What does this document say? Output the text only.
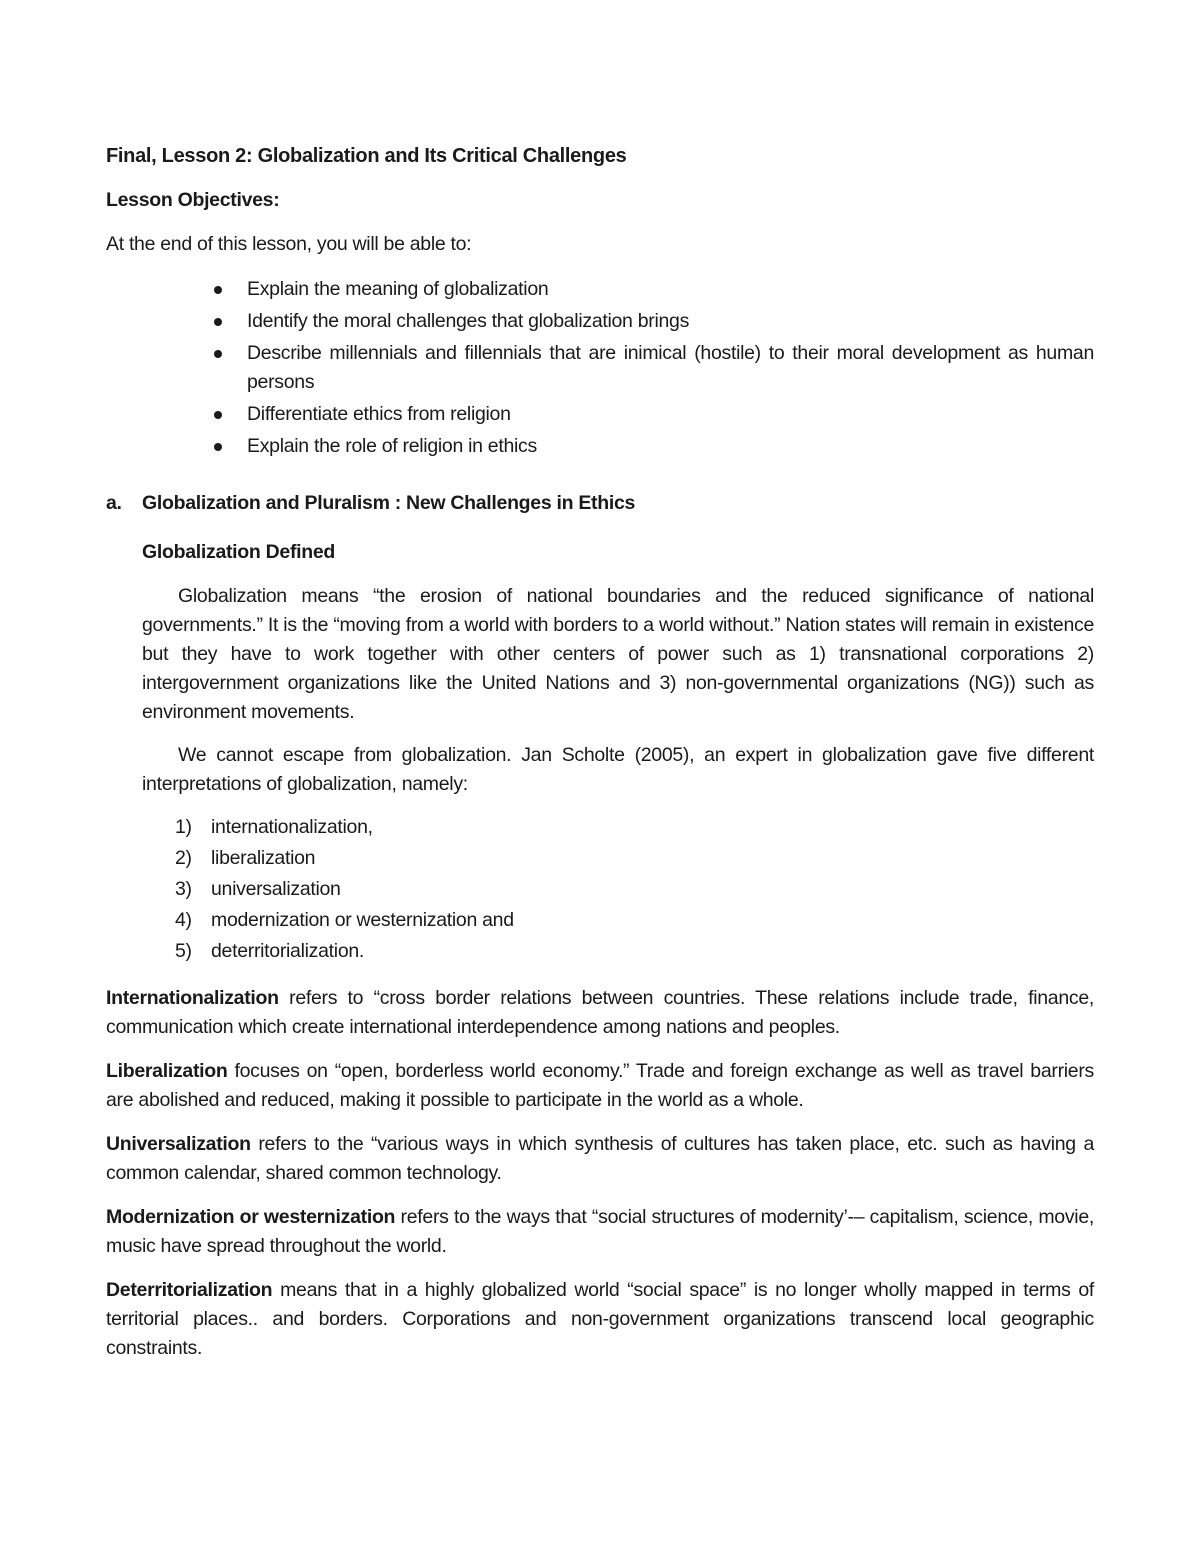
Final, Lesson 2: Globalization and Its Critical Challenges

Lesson Objectives:

At the end of this lesson, you will be able to:

Explain the meaning of globalization
Identify the moral challenges that globalization brings
Describe millennials and fillennials that are inimical (hostile) to their moral development as human persons
Differentiate ethics from religion
Explain the role of religion in ethics
a. Globalization and Pluralism : New Challenges in Ethics

Globalization Defined

Globalization means “the erosion of national boundaries and the reduced significance of national governments.” It is the “moving from a world with borders to a world without.” Nation states will remain in existence but they have to work together with other centers of power such as 1) transnational corporations 2) intergovernment organizations like the United Nations and 3) non-governmental organizations (NG)) such as environment movements.

We cannot escape from globalization. Jan Scholte (2005), an expert in globalization gave five different interpretations of globalization, namely:

1) internationalization,
2) liberalization
3) universalization
4) modernization or westernization and
5) deterritorialization.

Internationalization refers to “cross border relations between countries. These relations include trade, finance, communication which create international interdependence among nations and peoples.

Liberalization focuses on “open, borderless world economy.” Trade and foreign exchange as well as travel barriers are abolished and reduced, making it possible to participate in the world as a whole.

Universalization refers to the “various ways in which synthesis of cultures has taken place, etc. such as having a common calendar, shared common technology.

Modernization or westernization refers to the ways that “social structures of modernity’-– capitalism, science, movie, music have spread throughout the world.

Deterritorialization means that in a highly globalized world “social space” is no longer wholly mapped in terms of territorial places.. and borders. Corporations and non-government organizations transcend local geographic constraints.
